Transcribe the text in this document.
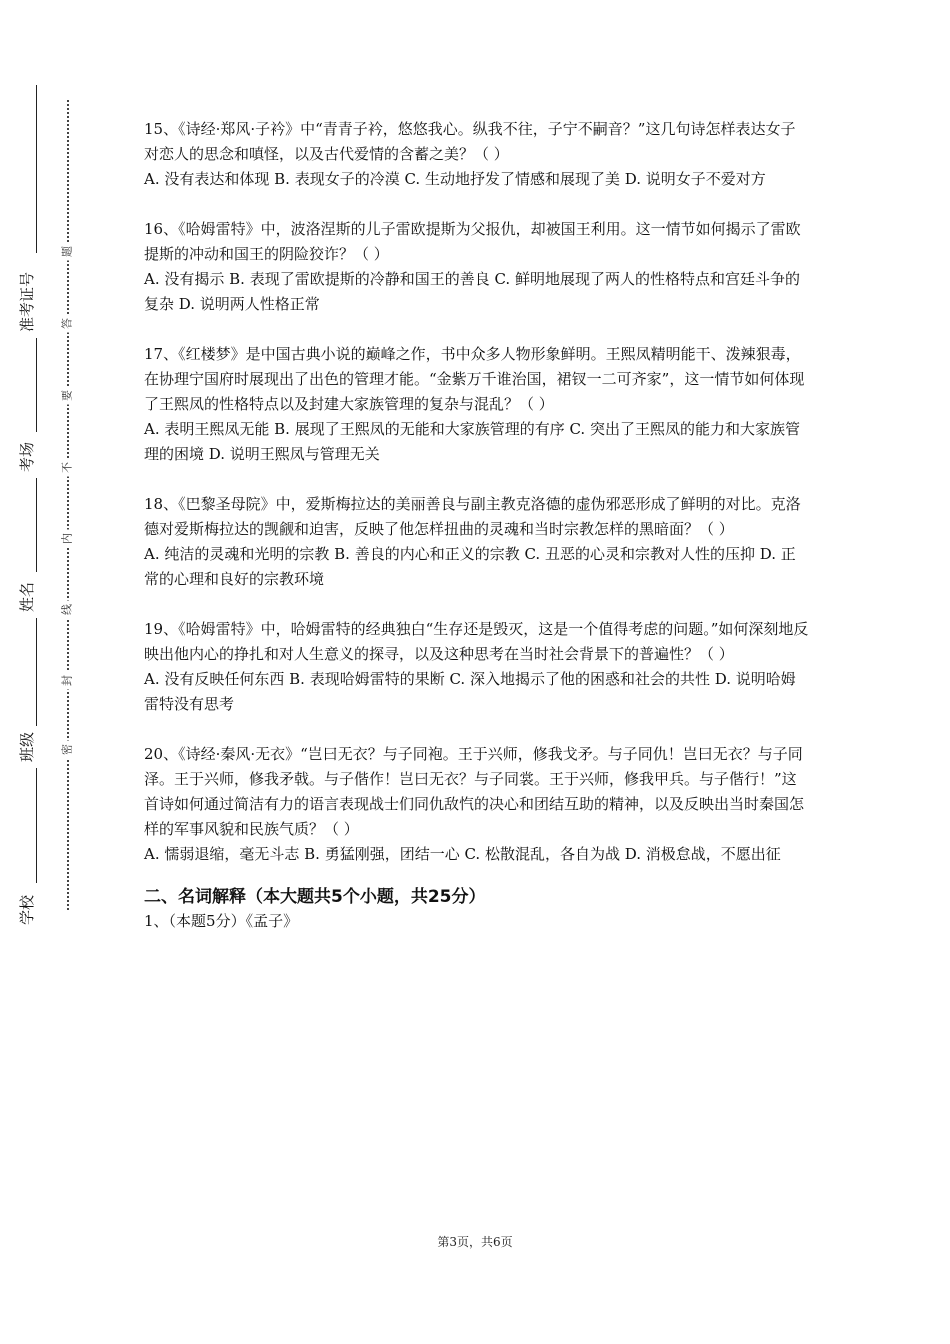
学校
班级
姓名
考场
准考证号
密
封
线
内
不
要
答
题

15、《诗经·郑风·子衿》中“青青子衿，悠悠我心。纵我不往，子宁不嗣音？”这几句诗怎样表达女子对恋人的思念和嗔怪，以及古代爱情的含蓄之美？（ ）

A. 没有表达和体现 B. 表现女子的冷漠 C. 生动地抒发了情感和展现了美 D. 说明女子不爱对方

16、《哈姆雷特》中，波洛涅斯的儿子雷欧提斯为父报仇，却被国王利用。这一情节如何揭示了雷欧提斯的冲动和国王的阴险狡诈？（ ）

A. 没有揭示 B. 表现了雷欧提斯的冷静和国王的善良 C. 鲜明地展现了两人的性格特点和宫廷斗争的复杂 D. 说明两人性格正常

17、《红楼梦》是中国古典小说的巅峰之作，书中众多人物形象鲜明。王熙凤精明能干、泼辣狠毒，在协理宁国府时展现出了出色的管理才能。“金紫万千谁治国，裙钗一二可齐家”，这一情节如何体现了王熙凤的性格特点以及封建大家族管理的复杂与混乱？（ ）

A. 表明王熙凤无能 B. 展现了王熙凤的无能和大家族管理的有序 C. 突出了王熙凤的能力和大家族管理的困境 D. 说明王熙凤与管理无关

18、《巴黎圣母院》中，爱斯梅拉达的美丽善良与副主教克洛德的虚伪邪恶形成了鲜明的对比。克洛德对爱斯梅拉达的觊觎和迫害，反映了他怎样扭曲的灵魂和当时宗教怎样的黑暗面？（ ）

A. 纯洁的灵魂和光明的宗教 B. 善良的内心和正义的宗教 C. 丑恶的心灵和宗教对人性的压抑 D. 正常的心理和良好的宗教环境

19、《哈姆雷特》中，哈姆雷特的经典独白“生存还是毁灭，这是一个值得考虑的问题。”如何深刻地反映出他内心的挣扎和对人生意义的探寻，以及这种思考在当时社会背景下的普遍性？（ ）

A. 没有反映任何东西 B. 表现哈姆雷特的果断 C. 深入地揭示了他的困惑和社会的共性 D. 说明哈姆雷特没有思考

20、《诗经·秦风·无衣》“岂曰无衣？与子同袍。王于兴师，修我戈矛。与子同仇！岂曰无衣？与子同泽。王于兴师，修我矛戟。与子偕作！岂曰无衣？与子同裳。王于兴师，修我甲兵。与子偕行！”这首诗如何通过简洁有力的语言表现战士们同仇敌忾的决心和团结互助的精神，以及反映出当时秦国怎样的军事风貌和民族气质？（ ）

A. 懦弱退缩，毫无斗志 B. 勇猛刚强，团结一心 C. 松散混乱，各自为战 D. 消极怠战，不愿出征

二、名词解释（本大题共5个小题，共25分）

1、（本题5分）《孟子》

第3页，共6页
